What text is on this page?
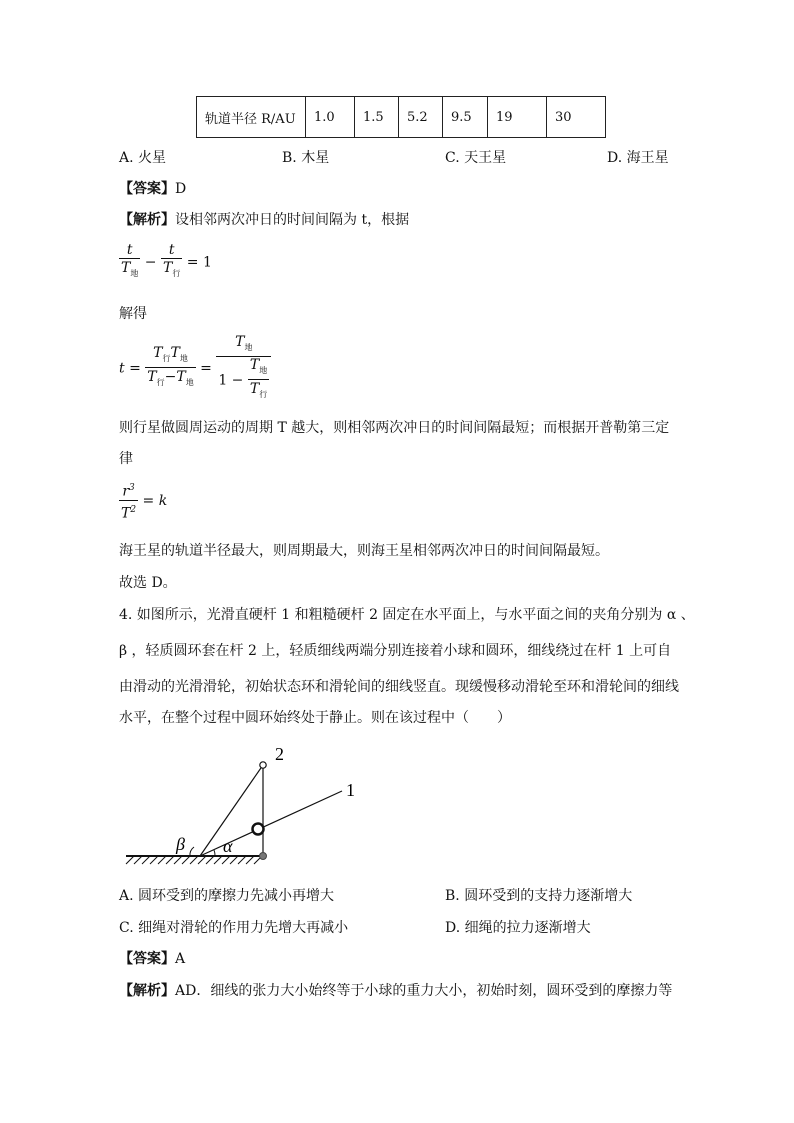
轨道半径 R/AU	1.0	1.5	5.2	9.5	19	30
A. 火星	B. 木星	C. 天王星	D. 海王星
【答案】D
【解析】设相邻两次冲日的时间间隔为 t，根据
$\frac{t}{T_地} - \frac{t}{T_行} = 1$
解得
$t = \frac{T_行T_地}{T_行-T_地} = \frac{T_地}{1 - \frac{T_地}{T_行}}$
则行星做圆周运动的周期 T 越大，则相邻两次冲日的时间间隔最短；而根据开普勒第三定
律
$\frac{r^3}{T^2} = k$
海王星的轨道半径最大，则周期最大，则海王星相邻两次冲日的时间间隔最短。
故选 D。
4. 如图所示，光滑直硬杆 1 和粗糙硬杆 2 固定在水平面上，与水平面之间的夹角分别为 α 、
β ，轻质圆环套在杆 2 上，轻质细线两端分别连接着小球和圆环，细线绕过在杆 1 上可自
由滑动的光滑滑轮，初始状态环和滑轮间的细线竖直。现缓慢移动滑轮至环和滑轮间的细线
水平，在整个过程中圆环始终处于静止。则在该过程中（　　）
2
1
β α
A. 圆环受到的摩擦力先减小再增大	B. 圆环受到的支持力逐渐增大
C. 细绳对滑轮的作用力先增大再减小	D. 细绳的拉力逐渐增大
【答案】A
【解析】AD．细线的张力大小始终等于小球的重力大小，初始时刻，圆环受到的摩擦力等
